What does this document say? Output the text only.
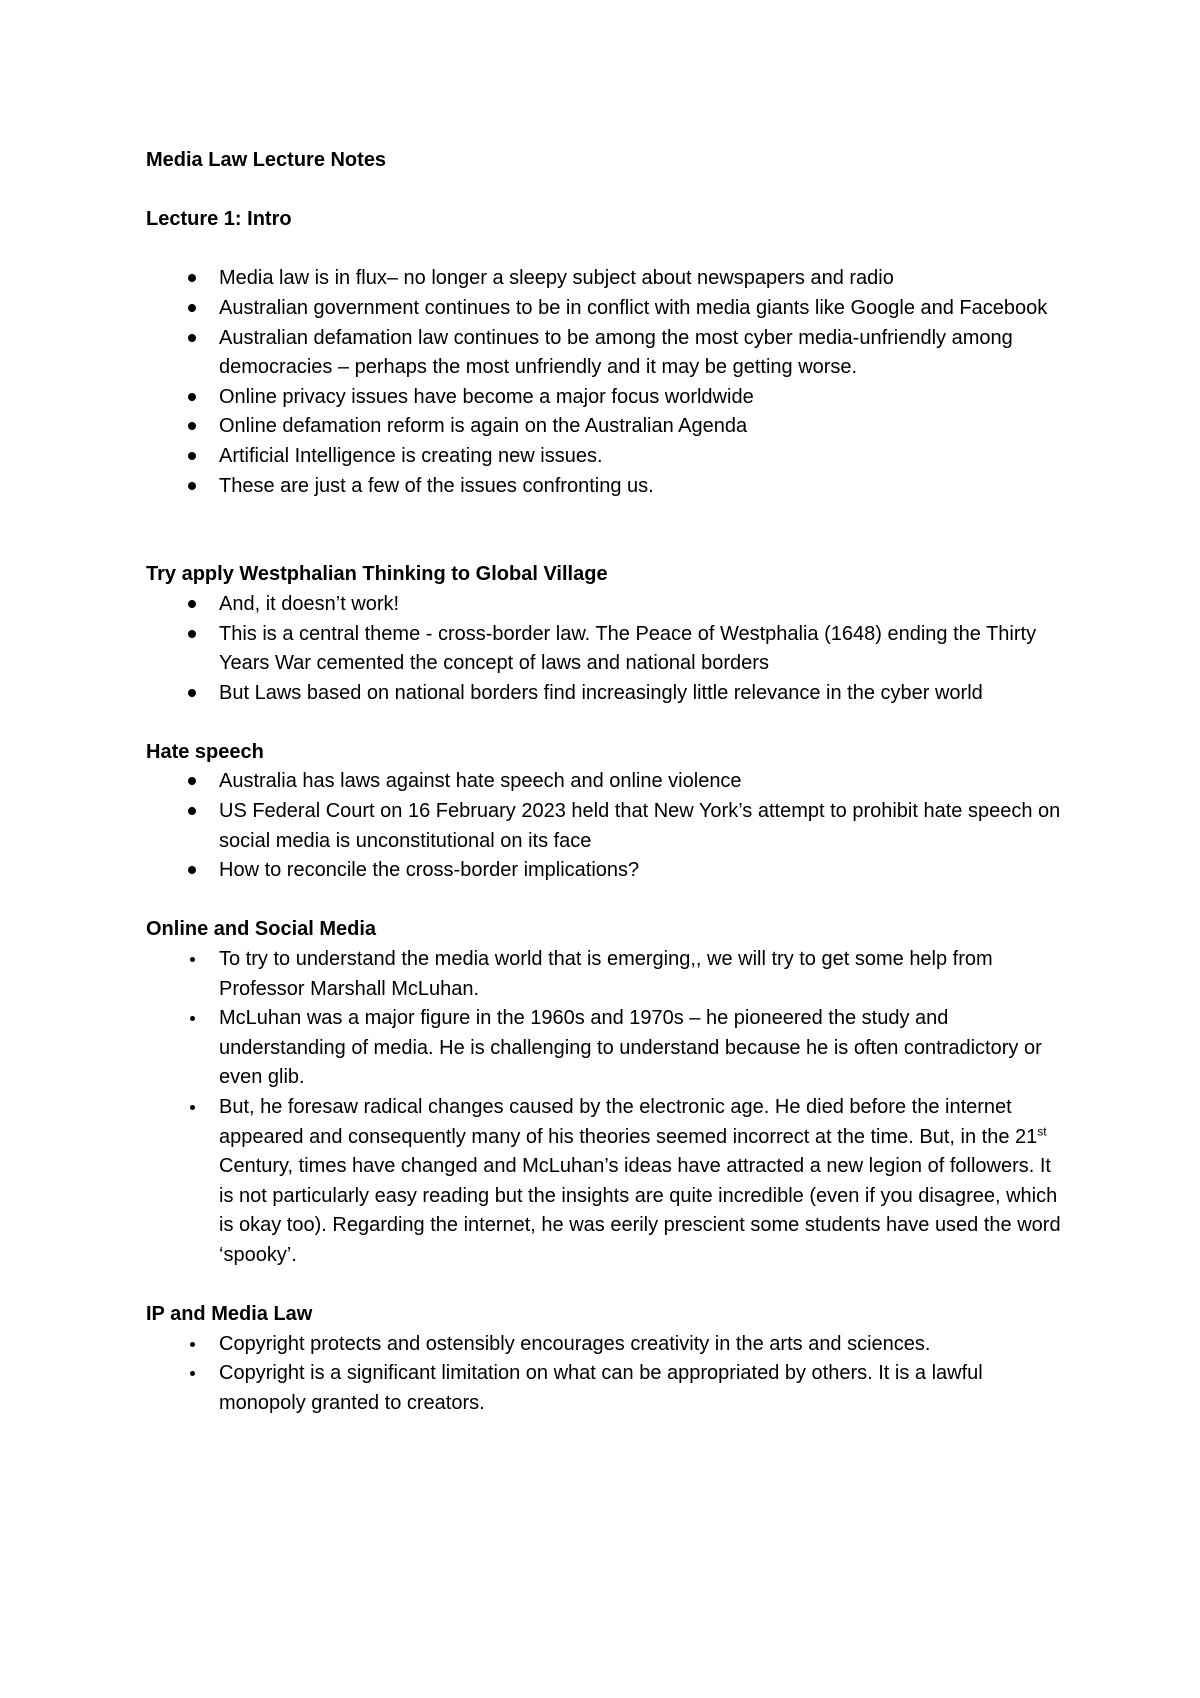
Media Law Lecture Notes

Lecture 1: Intro

Media law is in flux– no longer a sleepy subject about newspapers and radio
Australian government continues to be in conflict with media giants like Google and Facebook
Australian defamation law continues to be among the most cyber media-unfriendly among democracies – perhaps the most unfriendly and it may be getting worse.
Online privacy issues have become a major focus worldwide
Online defamation reform is again on the Australian Agenda
Artificial Intelligence is creating new issues.
These are just a few of the issues confronting us.

Try apply Westphalian Thinking to Global Village

And, it doesn’t work!
This is a central theme - cross-border law. The Peace of Westphalia (1648) ending the Thirty Years War cemented the concept of laws and national borders
But Laws based on national borders find increasingly little relevance in the cyber world

Hate speech

Australia has laws against hate speech and online violence
US Federal Court on 16 February 2023 held that New York’s attempt to prohibit hate speech on social media is unconstitutional on its face
How to reconcile the cross-border implications?

Online and Social Media

To try to understand the media world that is emerging,, we will try to get some help from Professor Marshall McLuhan.
McLuhan was a major figure in the 1960s and 1970s – he pioneered the study and understanding of media. He is challenging to understand because he is often contradictory or even glib.
But, he foresaw radical changes caused by the electronic age. He died before the internet appeared and consequently many of his theories seemed incorrect at the time. But, in the 21st Century, times have changed and McLuhan’s ideas have attracted a new legion of followers. It is not particularly easy reading but the insights are quite incredible (even if you disagree, which is okay too). Regarding the internet, he was eerily prescient some students have used the word ‘spooky’.

IP and Media Law

Copyright protects and ostensibly encourages creativity in the arts and sciences.
Copyright is a significant limitation on what can be appropriated by others. It is a lawful monopoly granted to creators.
